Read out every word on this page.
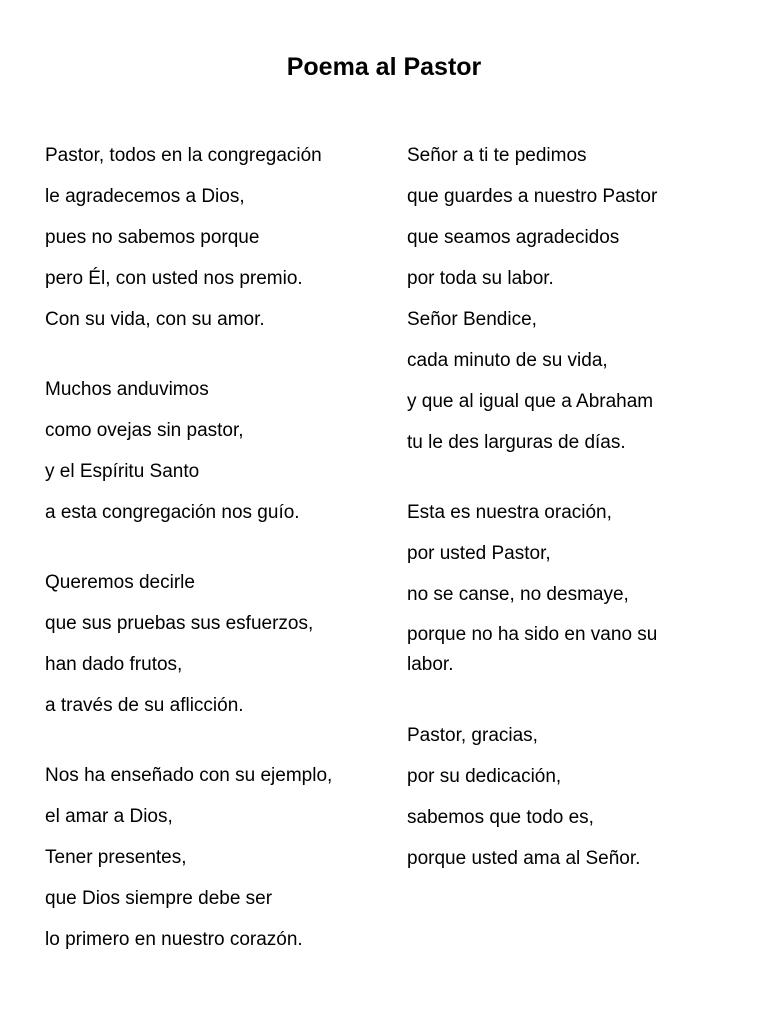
Poema al Pastor
Pastor, todos en la congregación
le agradecemos a Dios,
pues no sabemos porque
pero Él, con usted nos premio.
Con su vida, con su amor.
Muchos anduvimos
como ovejas sin pastor,
y el Espíritu Santo
a esta congregación nos guío.
Queremos decirle
que sus pruebas sus esfuerzos,
han dado frutos,
a través de su aflicción.
Nos ha enseñado con su ejemplo,
el amar a Dios,
Tener presentes,
que Dios siempre debe ser
lo primero en nuestro corazón.
Señor a ti te pedimos
que guardes a nuestro Pastor
que seamos agradecidos
por toda su labor.
Señor Bendice,
cada minuto de su vida,
y que al igual que a Abraham
tu le des larguras de días.
Esta es nuestra oración,
por usted Pastor,
no se canse, no desmaye,
porque no ha sido en vano su labor.
Pastor, gracias,
por su dedicación,
sabemos que todo es,
porque usted ama al Señor.
